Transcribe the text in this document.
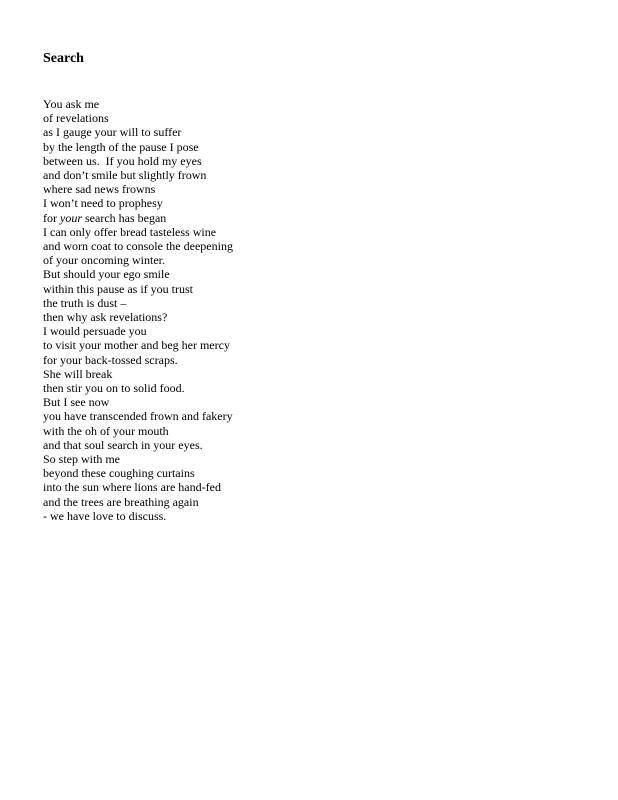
Search
You ask me
of revelations
as I gauge your will to suffer
by the length of the pause I pose
between us.  If you hold my eyes
and don’t smile but slightly frown
where sad news frowns
I won’t need to prophesy
for your search has began
I can only offer bread tasteless wine
and worn coat to console the deepening
of your oncoming winter.
But should your ego smile
within this pause as if you trust
the truth is dust –
then why ask revelations?
I would persuade you
to visit your mother and beg her mercy
for your back-tossed scraps.
She will break
then stir you on to solid food.
But I see now
you have transcended frown and fakery
with the oh of your mouth
and that soul search in your eyes.
So step with me
beyond these coughing curtains
into the sun where lions are hand-fed
and the trees are breathing again
- we have love to discuss.
